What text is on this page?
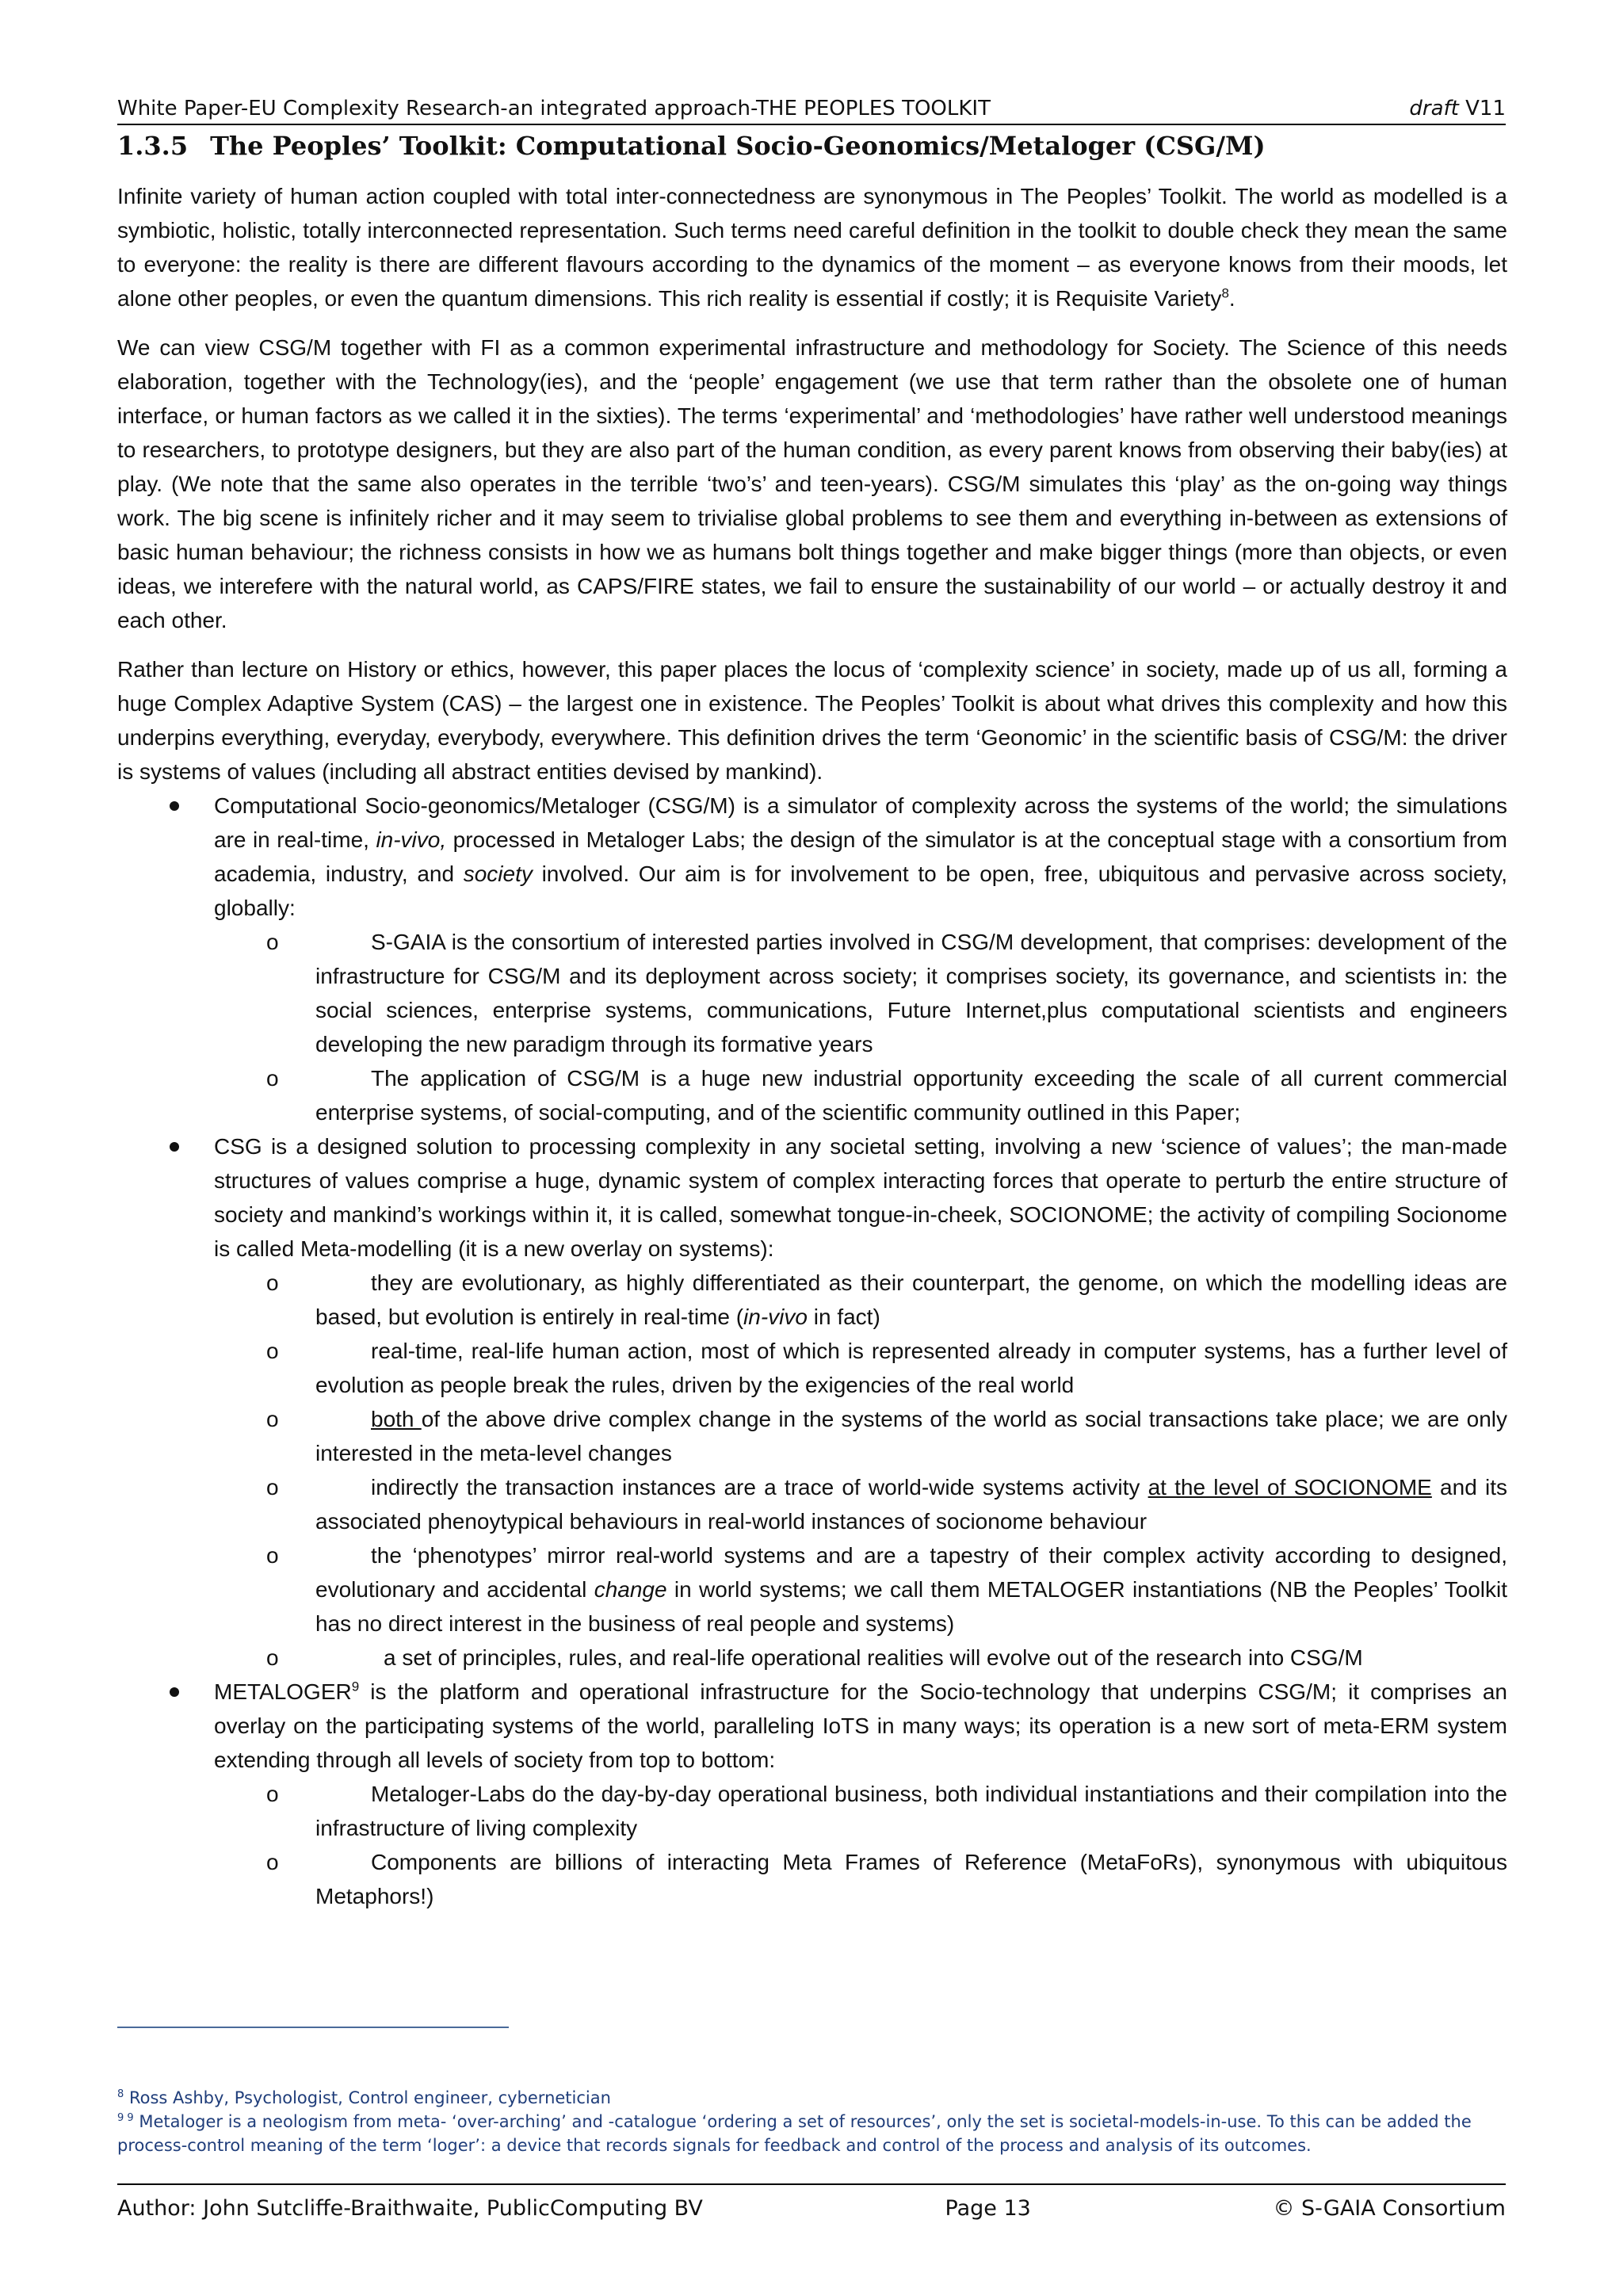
White Paper-EU Complexity Research-an integrated approach-THE PEOPLES TOOLKIT	draft V11
1.3.5 The Peoples’ Toolkit: Computational Socio-Geonomics/Metaloger (CSG/M)

Infinite variety of human action coupled with total inter-connectedness are synonymous in The Peoples’ Toolkit. The world as modelled is a symbiotic, holistic, totally interconnected representation. Such terms need careful definition in the toolkit to double check they mean the same to everyone: the reality is there are different flavours according to the dynamics of the moment – as everyone knows from their moods, let alone other peoples, or even the quantum dimensions. This rich reality is essential if costly; it is Requisite Variety$^8$.

We can view CSG/M together with FI as a common experimental infrastructure and methodology for Society. The Science of this needs elaboration, together with the Technology(ies), and the ‘people’ engagement (we use that term rather than the obsolete one of human interface, or human factors as we called it in the sixties). The terms ‘experimental’ and ‘methodologies’ have rather well understood meanings to researchers, to prototype designers, but they are also part of the human condition, as every parent knows from observing their baby(ies) at play. (We note that the same also operates in the terrible ‘two’s’ and teen-years). CSG/M simulates this ‘play’ as the on-going way things work. The big scene is infinitely richer and it may seem to trivialise global problems to see them and everything in-between as extensions of basic human behaviour; the richness consists in how we as humans bolt things together and make bigger things (more than objects, or even ideas, we interefere with the natural world, as CAPS/FIRE states, we fail to ensure the sustainability of our world – or actually destroy it and each other.

Rather than lecture on History or ethics, however, this paper places the locus of ‘complexity science’ in society, made up of us all, forming a huge Complex Adaptive System (CAS) – the largest one in existence. The Peoples’ Toolkit is about what drives this complexity and how this underpins everything, everyday, everybody, everywhere. This definition drives the term ‘Geonomic’ in the scientific basis of CSG/M: the driver is systems of values (including all abstract entities devised by mankind).

Computational Socio-geonomics/Metaloger (CSG/M) is a simulator of complexity across the systems of the world; the simulations are in real-time, in-vivo, processed in Metaloger Labs; the design of the simulator is at the conceptual stage with a consortium from academia, industry, and society involved. Our aim is for involvement to be open, free, ubiquitous and pervasive across society, globally:
o	S-GAIA is the consortium of interested parties involved in CSG/M development, that comprises: development of the infrastructure for CSG/M and its deployment across society; it comprises society, its governance, and scientists in: the social sciences, enterprise systems, communications, Future Internet,plus computational scientists and engineers developing the new paradigm through its formative years
o	The application of CSG/M is a huge new industrial opportunity exceeding the scale of all current commercial enterprise systems, of social-computing, and of the scientific community outlined in this Paper;
CSG is a designed solution to processing complexity in any societal setting, involving a new ‘science of values’; the man-made structures of values comprise a huge, dynamic system of complex interacting forces that operate to perturb the entire structure of society and mankind’s workings within it, it is called, somewhat tongue-in-cheek, SOCIONOME; the activity of compiling Socionome is called Meta-modelling (it is a new overlay on systems):
o	they are evolutionary, as highly differentiated as their counterpart, the genome, on which the modelling ideas are based, but evolution is entirely in real-time (in-vivo in fact)
o	real-time, real-life human action, most of which is represented already in computer systems, has a further level of evolution as people break the rules, driven by the exigencies of the real world
o	both of the above drive complex change in the systems of the world as social transactions take place; we are only interested in the meta-level changes
o	indirectly the transaction instances are a trace of world-wide systems activity at the level of SOCIONOME and its associated phenoytypical behaviours in real-world instances of socionome behaviour
o	the ‘phenotypes’ mirror real-world systems and are a tapestry of their complex activity according to designed, evolutionary and accidental change in world systems; we call them METALOGER instantiations (NB the Peoples’ Toolkit has no direct interest in the business of real people and systems)
o	a set of principles, rules, and real-life operational realities will evolve out of the research into CSG/M
METALOGER$^9$ is the platform and operational infrastructure for the Socio-technology that underpins CSG/M; it comprises an overlay on the participating systems of the world, paralleling IoTS in many ways; its operation is a new sort of meta-ERM system extending through all levels of society from top to bottom:
o	Metaloger-Labs do the day-by-day operational business, both individual instantiations and their compilation into the infrastructure of living complexity
o	Components are billions of interacting Meta Frames of Reference (MetaFoRs), synonymous with ubiquitous Metaphors!)

$^8$ Ross Ashby, Psychologist, Control engineer, cybernetician

$^{9 9}$ Metaloger is a neologism from meta- ‘over-arching’ and -catalogue ‘ordering a set of resources’, only the set is societal-models-in-use. To this can be added the process-control meaning of the term ‘loger’: a device that records signals for feedback and control of the process and analysis of its outcomes.

Author: John Sutcliffe-Braithwaite, PublicComputing BV	Page 13	© S-GAIA Consortium
